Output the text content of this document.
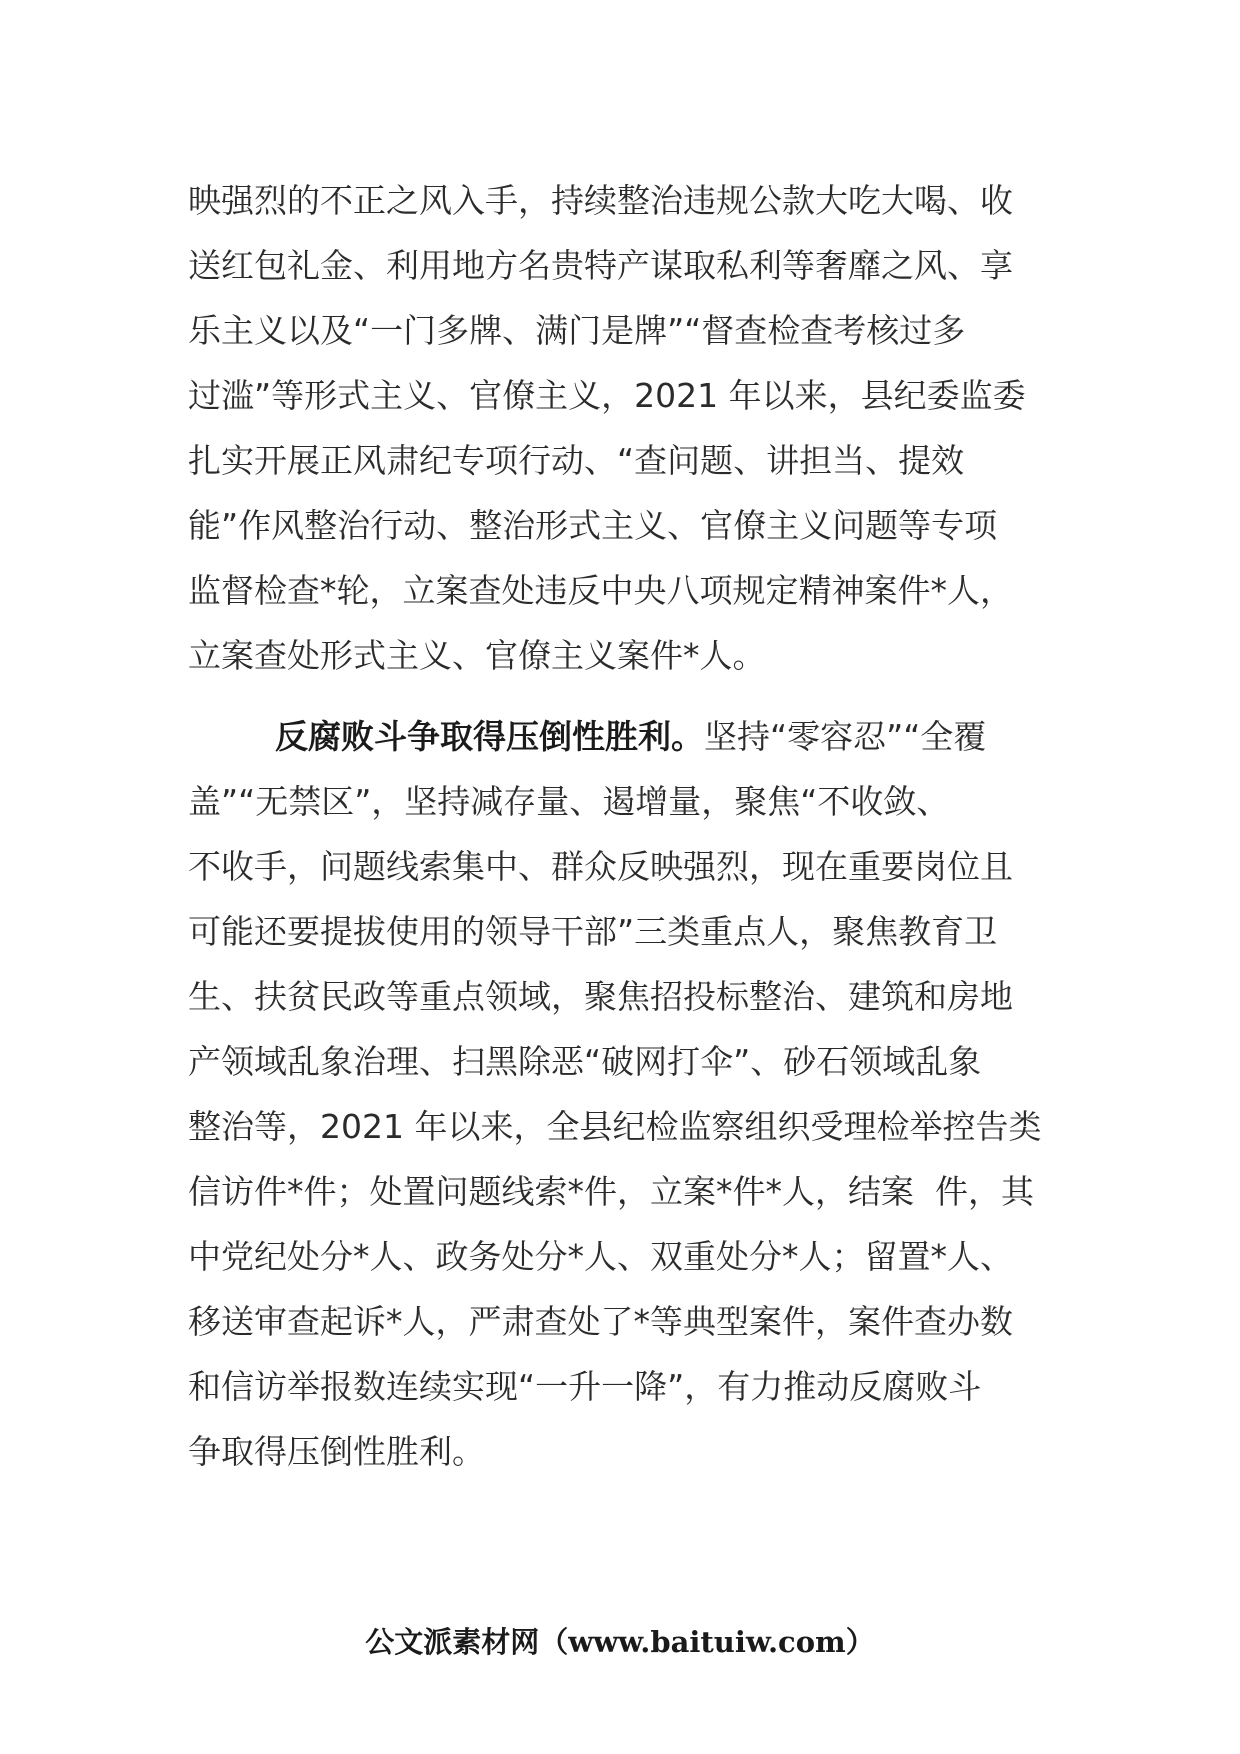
映强烈的不正之风入手，持续整治违规公款大吃大喝、收

送红包礼金、利用地方名贵特产谋取私利等奢靡之风、享

乐主义以及“一门多牌、满门是牌”“督查检查考核过多

过滥”等形式主义、官僚主义，2021 年以来，县纪委监委

扎实开展正风肃纪专项行动、“查问题、讲担当、提效

能”作风整治行动、整治形式主义、官僚主义问题等专项

监督检查*轮，立案查处违反中央八项规定精神案件*人，

立案查处形式主义、官僚主义案件*人。

反腐败斗争取得压倒性胜利。坚持“零容忍”“全覆

盖”“无禁区”，坚持减存量、遏增量，聚焦“不收敛、

不收手，问题线索集中、群众反映强烈，现在重要岗位且

可能还要提拔使用的领导干部”三类重点人，聚焦教育卫

生、扶贫民政等重点领域，聚焦招投标整治、建筑和房地

产领域乱象治理、扫黑除恶“破网打伞”、砂石领域乱象

整治等，2021 年以来，全县纪检监察组织受理检举控告类

信访件*件；处置问题线索*件，立案*件*人，结案  件，其

中党纪处分*人、政务处分*人、双重处分*人；留置*人、

移送审查起诉*人，严肃查处了*等典型案件，案件查办数

和信访举报数连续实现“一升一降”，有力推动反腐败斗

争取得压倒性胜利。

公文派素材网（www.baituiw.com）
